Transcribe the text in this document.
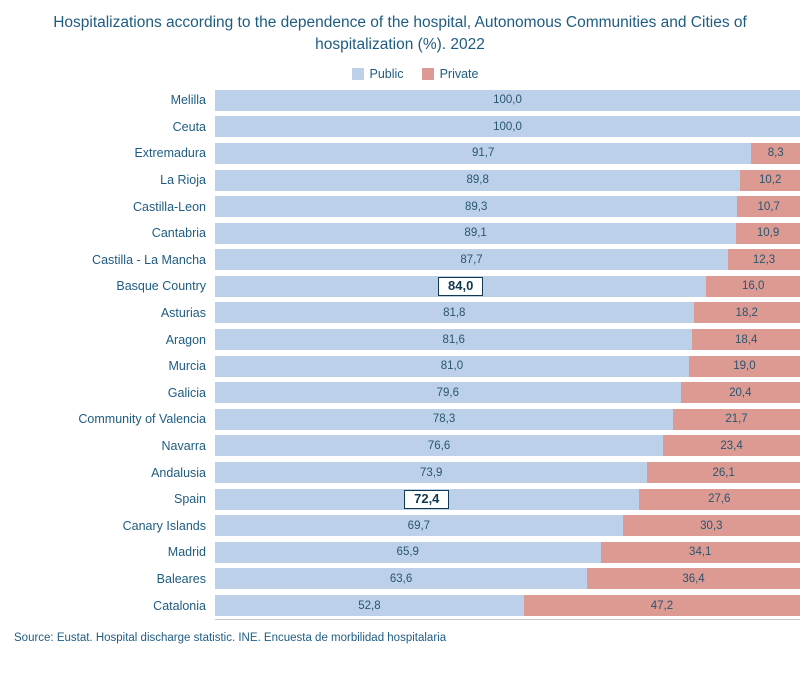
Hospitalizations according to the dependence of the hospital, Autonomous Communities and Cities of hospitalization (%). 2022
Public	Private
Melilla	100,0
Ceuta	100,0
Extremadura	91,7	8,3
La Rioja	89,8	10,2
Castilla-Leon	89,3	10,7
Cantabria	89,1	10,9
Castilla - La Mancha	87,7	12,3
Basque Country	84,0	16,0
Asturias	81,8	18,2
Aragon	81,6	18,4
Murcia	81,0	19,0
Galicia	79,6	20,4
Community of Valencia	78,3	21,7
Navarra	76,6	23,4
Andalusia	73,9	26,1
Spain	72,4	27,6
Canary Islands	69,7	30,3
Madrid	65,9	34,1
Baleares	63,6	36,4
Catalonia	52,8	47,2
Source: Eustat. Hospital discharge statistic. INE. Encuesta de morbilidad hospitalaria
